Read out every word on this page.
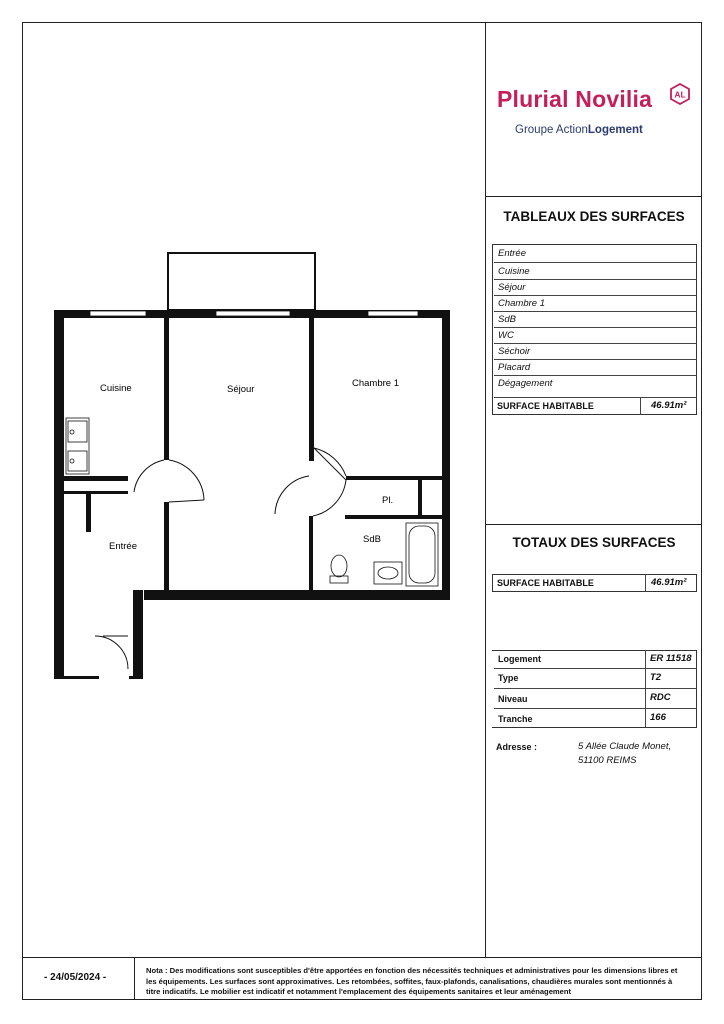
Plurial Novilia
Groupe ActionLogement
AL
TABLEAUX DES SURFACES
Entrée
Cuisine
Séjour
Chambre 1
SdB
WC
Séchoir
Placard
Dégagement
SURFACE HABITABLE	46.91m²
TOTAUX DES SURFACES
SURFACE HABITABLE	46.91m²
Logement	ER 11518
Type	T2
Niveau	RDC
Tranche	166
Adresse :	5 Allée Claude Monet,
51100 REIMS
Cuisine	Séjour
Chambre 1
Entrée
Pl.
SdB
- 24/05/2024 -
Nota : Des modifications sont susceptibles d'être apportées en fonction des nécessités techniques et administratives pour les dimensions libres et les équipements. Les surfaces sont approximatives. Les retombées, soffites, faux-plafonds, canalisations, chaudières murales sont mentionnés à titre indicatifs. Le mobilier est indicatif et notamment l'emplacement des équipements sanitaires et leur aménagement
